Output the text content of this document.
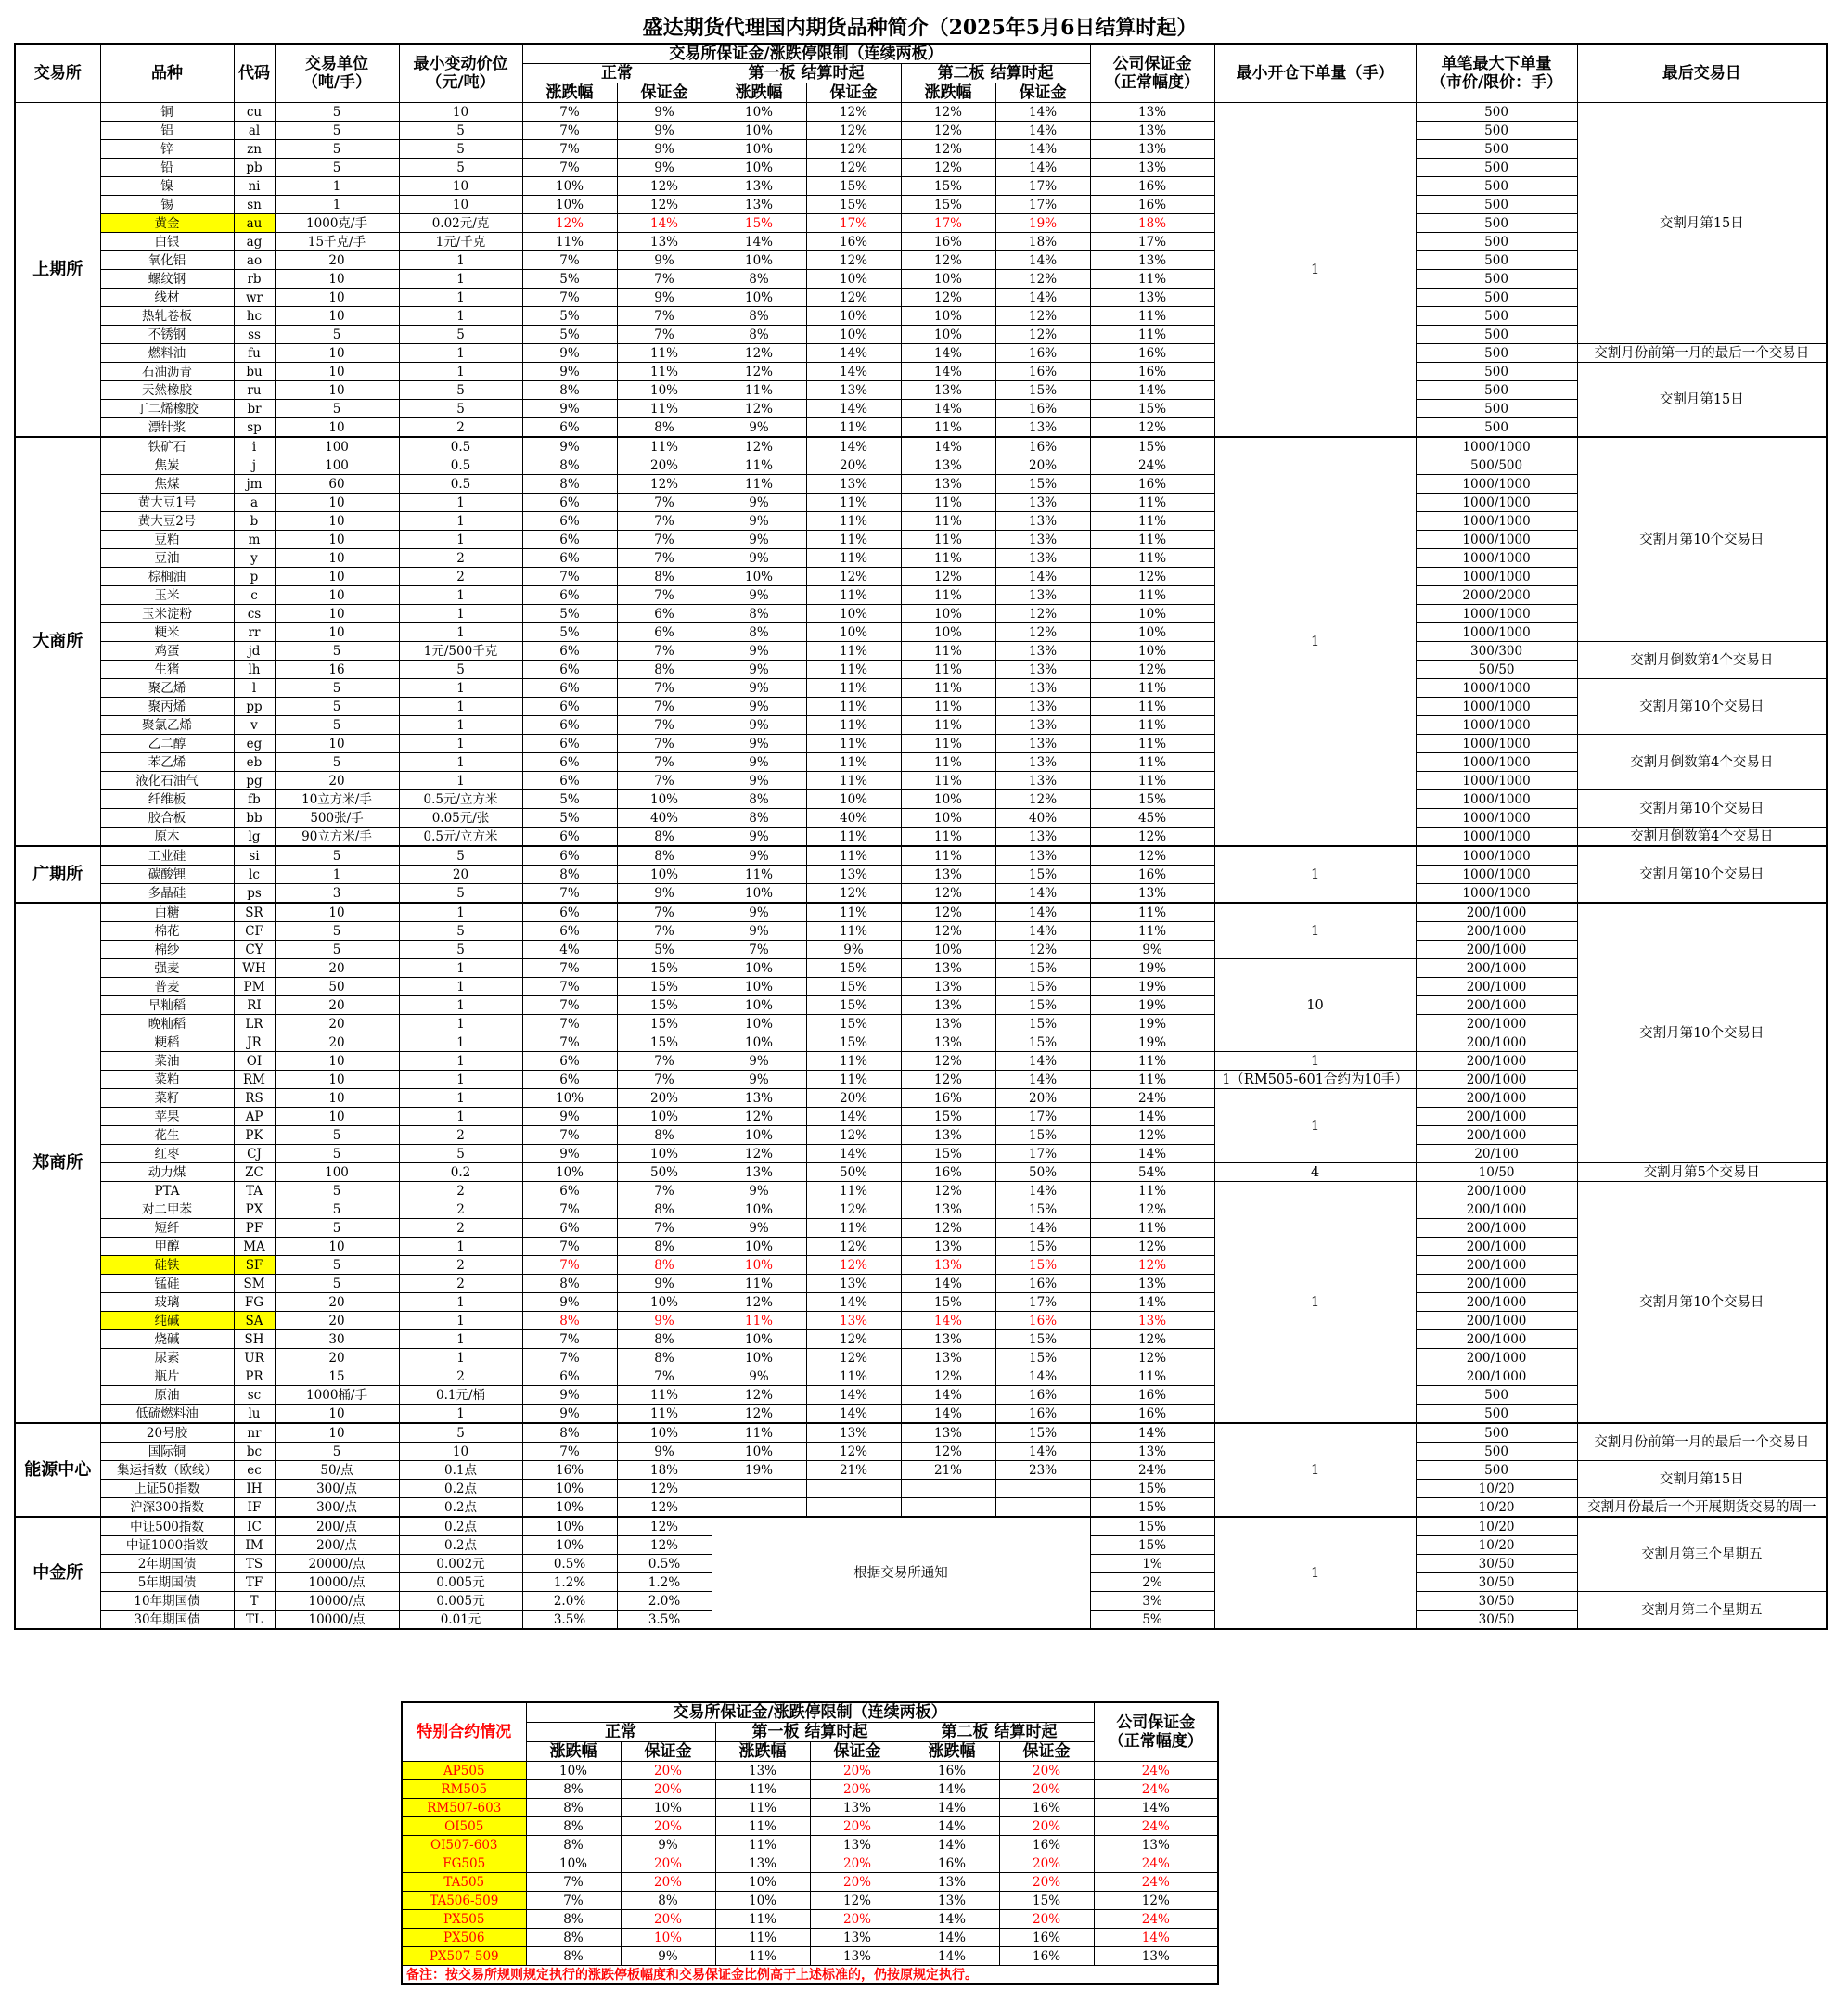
盛达期货代理国内期货品种简介（2025年5月6日结算时起）
交易所	品种	代码	交易单位
（吨/手）	最小变动价位
（元/吨）	交易所保证金/涨跌停限制（连续两板）						公司保证金
（正常幅度）	最小开仓下单量（手）	单笔最大下单量
（市价/限价：手）	最后交易日
					正常		第一板 结算时起		第二板 结算时起					
					涨跌幅	保证金	涨跌幅	保证金	涨跌幅	保证金				
上期所	铜	cu	5	10	7%	9%	10%	12%	12%	14%	13%	1	500	交割月第15日
	铝	al	5	5	7%	9%	10%	12%	12%	14%	13%		500	
	锌	zn	5	5	7%	9%	10%	12%	12%	14%	13%		500	
	铅	pb	5	5	7%	9%	10%	12%	12%	14%	13%		500	
	镍	ni	1	10	10%	12%	13%	15%	15%	17%	16%		500	
	锡	sn	1	10	10%	12%	13%	15%	15%	17%	16%		500	
	黄金	au	1000克/手	0.02元/克	12%	14%	15%	17%	17%	19%	18%		500	
	白银	ag	15千克/手	1元/千克	11%	13%	14%	16%	16%	18%	17%		500	
	氧化铝	ao	20	1	7%	9%	10%	12%	12%	14%	13%		500	
	螺纹钢	rb	10	1	5%	7%	8%	10%	10%	12%	11%		500	
	线材	wr	10	1	7%	9%	10%	12%	12%	14%	13%		500	
	热轧卷板	hc	10	1	5%	7%	8%	10%	10%	12%	11%		500	
	不锈钢	ss	5	5	5%	7%	8%	10%	10%	12%	11%		500	
	燃料油	fu	10	1	9%	11%	12%	14%	14%	16%	16%		500	交割月份前第一月的最后一个交易日
	石油沥青	bu	10	1	9%	11%	12%	14%	14%	16%	16%		500	交割月第15日
	天然橡胶	ru	10	5	8%	10%	11%	13%	13%	15%	14%		500	
	丁二烯橡胶	br	5	5	9%	11%	12%	14%	14%	16%	15%		500	
	漂针浆	sp	10	2	6%	8%	9%	11%	11%	13%	12%		500	
大商所	铁矿石	i	100	0.5	9%	11%	12%	14%	14%	16%	15%	1	1000/1000	交割月第10个交易日
	焦炭	j	100	0.5	8%	20%	11%	20%	13%	20%	24%		500/500	
	焦煤	jm	60	0.5	8%	12%	11%	13%	13%	15%	16%		1000/1000	
	黄大豆1号	a	10	1	6%	7%	9%	11%	11%	13%	11%		1000/1000	
	黄大豆2号	b	10	1	6%	7%	9%	11%	11%	13%	11%		1000/1000	
	豆粕	m	10	1	6%	7%	9%	11%	11%	13%	11%		1000/1000	
	豆油	y	10	2	6%	7%	9%	11%	11%	13%	11%		1000/1000	
	棕榈油	p	10	2	7%	8%	10%	12%	12%	14%	12%		1000/1000	
	玉米	c	10	1	6%	7%	9%	11%	11%	13%	11%		2000/2000	
	玉米淀粉	cs	10	1	5%	6%	8%	10%	10%	12%	10%		1000/1000	
	粳米	rr	10	1	5%	6%	8%	10%	10%	12%	10%		1000/1000	
	鸡蛋	jd	5	1元/500千克	6%	7%	9%	11%	11%	13%	10%		300/300	交割月倒数第4个交易日
	生猪	lh	16	5	6%	8%	9%	11%	11%	13%	12%		50/50	
	聚乙烯	l	5	1	6%	7%	9%	11%	11%	13%	11%		1000/1000	交割月第10个交易日
	聚丙烯	pp	5	1	6%	7%	9%	11%	11%	13%	11%		1000/1000	
	聚氯乙烯	v	5	1	6%	7%	9%	11%	11%	13%	11%		1000/1000	
	乙二醇	eg	10	1	6%	7%	9%	11%	11%	13%	11%		1000/1000	交割月倒数第4个交易日
	苯乙烯	eb	5	1	6%	7%	9%	11%	11%	13%	11%		1000/1000	
	液化石油气	pg	20	1	6%	7%	9%	11%	11%	13%	11%		1000/1000	
	纤维板	fb	10立方米/手	0.5元/立方米	5%	10%	8%	10%	10%	12%	15%		1000/1000	交割月第10个交易日
	胶合板	bb	500张/手	0.05元/张	5%	40%	8%	40%	10%	40%	45%		1000/1000	
	原木	lg	90立方米/手	0.5元/立方米	6%	8%	9%	11%	11%	13%	12%		1000/1000	交割月倒数第4个交易日
广期所	工业硅	si	5	5	6%	8%	9%	11%	11%	13%	12%	1	1000/1000	交割月第10个交易日
	碳酸锂	lc	1	20	8%	10%	11%	13%	13%	15%	16%		1000/1000	
	多晶硅	ps	3	5	7%	9%	10%	12%	12%	14%	13%		1000/1000	
郑商所	白糖	SR	10	1	6%	7%	9%	11%	12%	14%	11%	1	200/1000	交割月第10个交易日
	棉花	CF	5	5	6%	7%	9%	11%	12%	14%	11%		200/1000	
	棉纱	CY	5	5	4%	5%	7%	9%	10%	12%	9%		200/1000	
	强麦	WH	20	1	7%	15%	10%	15%	13%	15%	19%	10	200/1000	
	普麦	PM	50	1	7%	15%	10%	15%	13%	15%	19%		200/1000	
	早籼稻	RI	20	1	7%	15%	10%	15%	13%	15%	19%		200/1000	
	晚籼稻	LR	20	1	7%	15%	10%	15%	13%	15%	19%		200/1000	
	粳稻	JR	20	1	7%	15%	10%	15%	13%	15%	19%		200/1000	
	菜油	OI	10	1	6%	7%	9%	11%	12%	14%	11%	1	200/1000	
	菜粕	RM	10	1	6%	7%	9%	11%	12%	14%	11%	1（RM505-601合约为10手）	200/1000	
	菜籽	RS	10	1	10%	20%	13%	20%	16%	20%	24%	1	200/1000	
	苹果	AP	10	1	9%	10%	12%	14%	15%	17%	14%		200/1000	
	花生	PK	5	2	7%	8%	10%	12%	13%	15%	12%		200/1000	
	红枣	CJ	5	5	9%	10%	12%	14%	15%	17%	14%		20/100	
	动力煤	ZC	100	0.2	10%	50%	13%	50%	16%	50%	54%	4	10/50	交割月第5个交易日
	PTA	TA	5	2	6%	7%	9%	11%	12%	14%	11%	1	200/1000	交割月第10个交易日
	对二甲苯	PX	5	2	7%	8%	10%	12%	13%	15%	12%		200/1000	
	短纤	PF	5	2	6%	7%	9%	11%	12%	14%	11%		200/1000	
	甲醇	MA	10	1	7%	8%	10%	12%	13%	15%	12%		200/1000	
	硅铁	SF	5	2	7%	8%	10%	12%	13%	15%	12%		200/1000	
	锰硅	SM	5	2	8%	9%	11%	13%	14%	16%	13%		200/1000	
	玻璃	FG	20	1	9%	10%	12%	14%	15%	17%	14%		200/1000	
	纯碱	SA	20	1	8%	9%	11%	13%	14%	16%	13%		200/1000	
	烧碱	SH	30	1	7%	8%	10%	12%	13%	15%	12%		200/1000	
	尿素	UR	20	1	7%	8%	10%	12%	13%	15%	12%		200/1000	
	瓶片	PR	15	2	6%	7%	9%	11%	12%	14%	11%		200/1000	
	原油	sc	1000桶/手	0.1元/桶	9%	11%	12%	14%	14%	16%	16%		500	
	低硫燃料油	lu	10	1	9%	11%	12%	14%	14%	16%	16%		500	
能源中心	20号胶	nr	10	5	8%	10%	11%	13%	13%	15%	14%	1	500	交割月份前第一月的最后一个交易日
	国际铜	bc	5	10	7%	9%	10%	12%	12%	14%	13%		500	
	集运指数（欧线）	ec	50/点	0.1点	16%	18%	19%	21%	21%	23%	24%		500	交割月第15日
	上证50指数	IH	300/点	0.2点	10%	12%					15%		10/20	
	沪深300指数	IF	300/点	0.2点	10%	12%					15%		10/20	交割月份最后一个开展期货交易的周一
中金所	中证500指数	IC	200/点	0.2点	10%	12%	根据交易所通知				15%	1	10/20	交割月第三个星期五
	中证1000指数	IM	200/点	0.2点	10%	12%					15%		10/20	
	2年期国债	TS	20000/点	0.002元	0.5%	0.5%					1%		30/50	
	5年期国债	TF	10000/点	0.005元	1.2%	1.2%					2%		30/50	
	10年期国债	T	10000/点	0.005元	2.0%	2.0%					3%		30/50	交割月第二个星期五
	30年期国债	TL	10000/点	0.01元	3.5%	3.5%					5%		30/50	
特别合约情况	交易所保证金/涨跌停限制（连续两板）						公司保证金
（正常幅度）
	正常		第一板 结算时起		第二板 结算时起		
	涨跌幅	保证金	涨跌幅	保证金	涨跌幅	保证金	
AP505	10%	20%	13%	20%	16%	20%	24%
RM505	8%	20%	11%	20%	14%	20%	24%
RM507-603	8%	10%	11%	13%	14%	16%	14%
OI505	8%	20%	11%	20%	14%	20%	24%
OI507-603	8%	9%	11%	13%	14%	16%	13%
FG505	10%	20%	13%	20%	16%	20%	24%
TA505	7%	20%	10%	20%	13%	20%	24%
TA506-509	7%	8%	10%	12%	13%	15%	12%
PX505	8%	20%	11%	20%	14%	20%	24%
PX506	8%	10%	11%	13%	14%	16%	14%
PX507-509	8%	9%	11%	13%	14%	16%	13%
备注：按交易所规则规定执行的涨跌停板幅度和交易保证金比例高于上述标准的，仍按原规定执行。							
